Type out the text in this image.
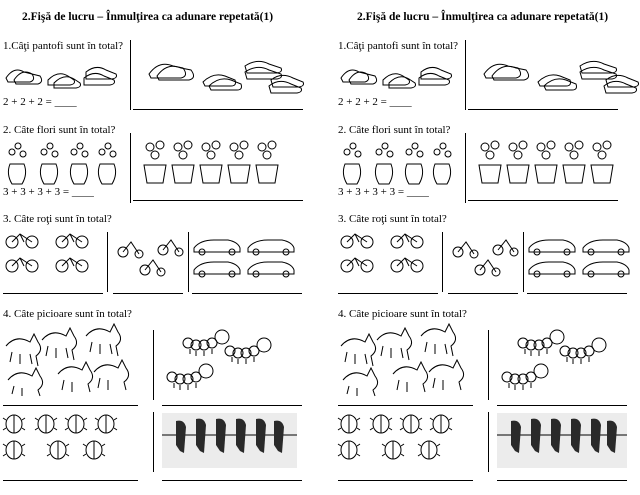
2.Fişă de lucru – Înmulţirea ca adunare repetată(1)
1.Câţi pantofi sunt în total?
2 + 2 + 2 = ____
2. Câte flori sunt în total?
3 + 3 + 3 + 3 = ____
3. Câte roţi sunt în total?
4. Câte picioare sunt în total?
2.Fişă de lucru – Înmulţirea ca adunare repetată(1)
1.Câţi pantofi sunt în total?
2 + 2 + 2 = ____
2. Câte flori sunt în total?
3 + 3 + 3 + 3 = ____
3. Câte roţi sunt în total?
4. Câte picioare sunt în total?
